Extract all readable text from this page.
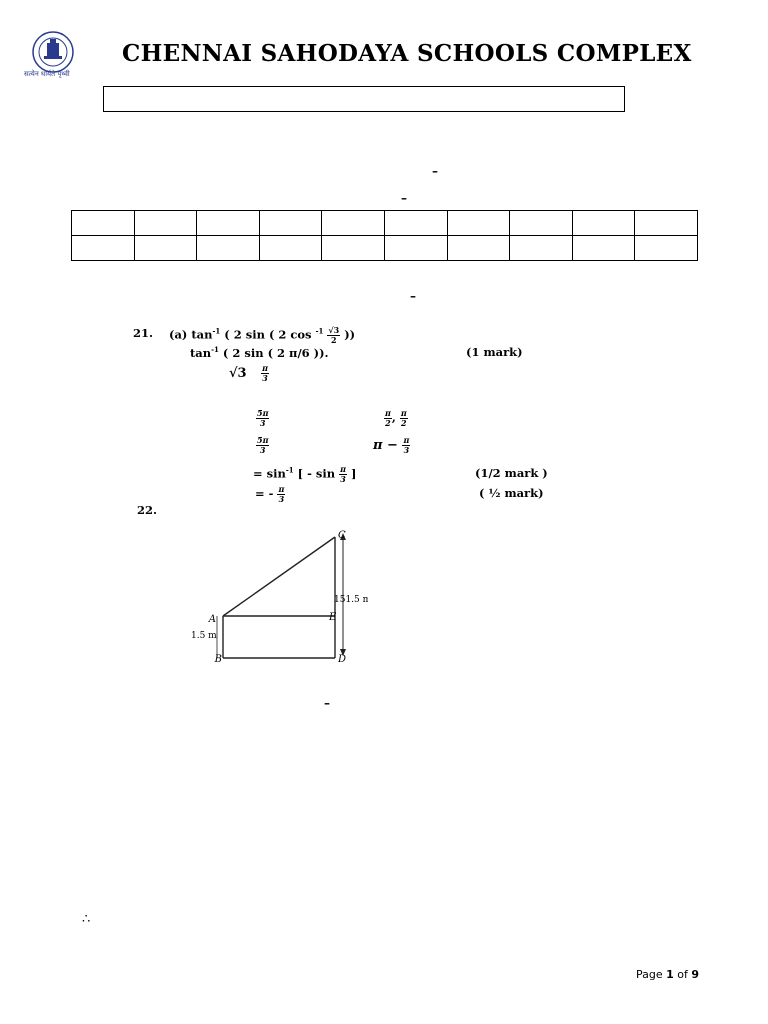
सत्येन धार्यते पृथ्वी
CHENNAI SAHODAYA SCHOOLS COMPLEX
–
–

–
21. (a) $\tan^{-1}$ ( 2 sin ( 2 $\cos ^{-1} \frac{√3}{2}$ ))
$\tan^{-1}$ ( 2 sin ( 2 π/6 )).	(1 mark)
$√3 \frac{\pi}{3}$
$\frac{5\pi}{3}$	$\frac{\pi}{2}$ , $\frac{\pi}{2}$
$\frac{5\pi}{3}$	$\pi - \frac{\pi}{3}$
= $\sin^{-1}$ [ - $\sin \frac{\pi}{3}$ ]	(1/2 mark )
= - $\frac{\pi}{3}$	( ½ mark)
22.
A
B
C
D
E
151.5 m
1.5 m
–
∴
Page 1 of 9
